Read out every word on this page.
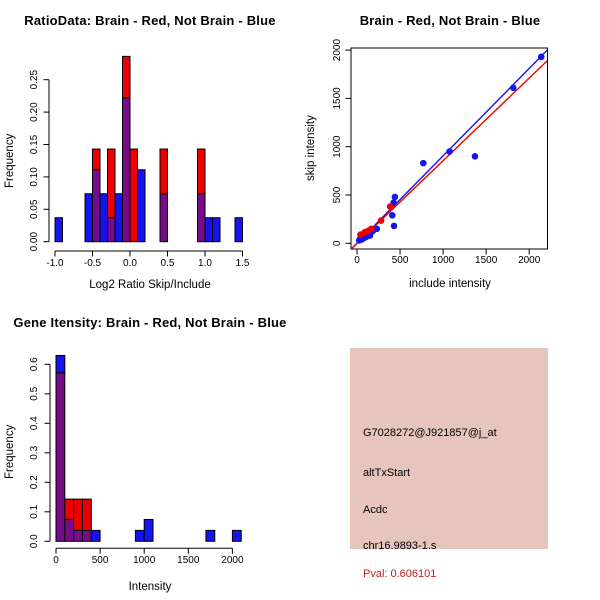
RatioData: Brain - Red, Not Brain - Blue
Frequency
Log2 Ratio Skip/Include
-1.0 -0.5 0.0 0.5 1.0 1.5
0.00
0.05
0.10
0.15
0.20
0.25
Brain - Red, Not Brain - Blue
skip intensity
include intensity
0	500 1000 1500 2000
0
500
1000
1500
2000
Gene Itensity: Brain - Red, Not Brain - Blue
Frequency
Intensity
0	500 1000 1500 2000
0.0
0.1
0.2
0.3
0.4
0.5
0.6
G7028272@J921857@j_at
altTxStart
Acdc
chr16.9893-1.s
Pval: 0.606101
